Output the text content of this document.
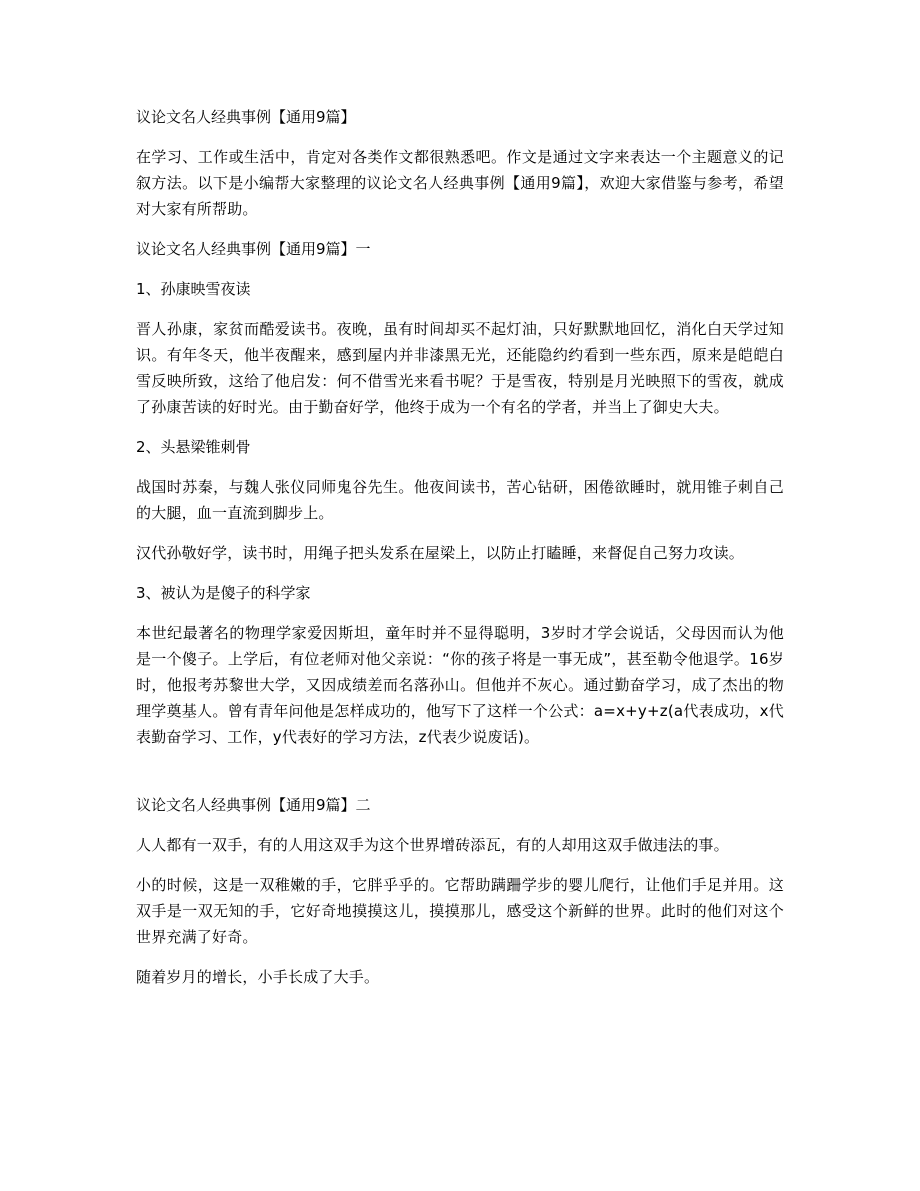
议论文名人经典事例【通用9篇】

在学习、工作或生活中，肯定对各类作文都很熟悉吧。作文是通过文字来表达一个主题意义的记叙方法。以下是小编帮大家整理的议论文名人经典事例【通用9篇】，欢迎大家借鉴与参考，希望对大家有所帮助。

议论文名人经典事例【通用9篇】一

1、孙康映雪夜读

晋人孙康，家贫而酷爱读书。夜晚，虽有时间却买不起灯油，只好默默地回忆，消化白天学过知识。有年冬天，他半夜醒来，感到屋内并非漆黑无光，还能隐约约看到一些东西，原来是皑皑白雪反映所致，这给了他启发：何不借雪光来看书呢？于是雪夜，特别是月光映照下的雪夜，就成了孙康苦读的好时光。由于勤奋好学，他终于成为一个有名的学者，并当上了御史大夫。

2、头悬梁锥刺骨

战国时苏秦，与魏人张仪同师鬼谷先生。他夜间读书，苦心钻研，困倦欲睡时，就用锥子刺自己的大腿，血一直流到脚步上。

汉代孙敬好学，读书时，用绳子把头发系在屋梁上，以防止打瞌睡，来督促自己努力攻读。

3、被认为是傻子的科学家

本世纪最著名的物理学家爱因斯坦，童年时并不显得聪明，3岁时才学会说话，父母因而认为他是一个傻子。上学后，有位老师对他父亲说：“你的孩子将是一事无成”，甚至勒令他退学。16岁时，他报考苏黎世大学，又因成绩差而名落孙山。但他并不灰心。通过勤奋学习，成了杰出的物理学奠基人。曾有青年问他是怎样成功的，他写下了这样一个公式：a=x+y+z(a代表成功，x代表勤奋学习、工作，y代表好的学习方法，z代表少说废话)。

议论文名人经典事例【通用9篇】二

人人都有一双手，有的人用这双手为这个世界增砖添瓦，有的人却用这双手做违法的事。

小的时候，这是一双稚嫩的手，它胖乎乎的。它帮助蹒跚学步的婴儿爬行，让他们手足并用。这双手是一双无知的手，它好奇地摸摸这儿，摸摸那儿，感受这个新鲜的世界。此时的他们对这个世界充满了好奇。

随着岁月的增长，小手长成了大手。
